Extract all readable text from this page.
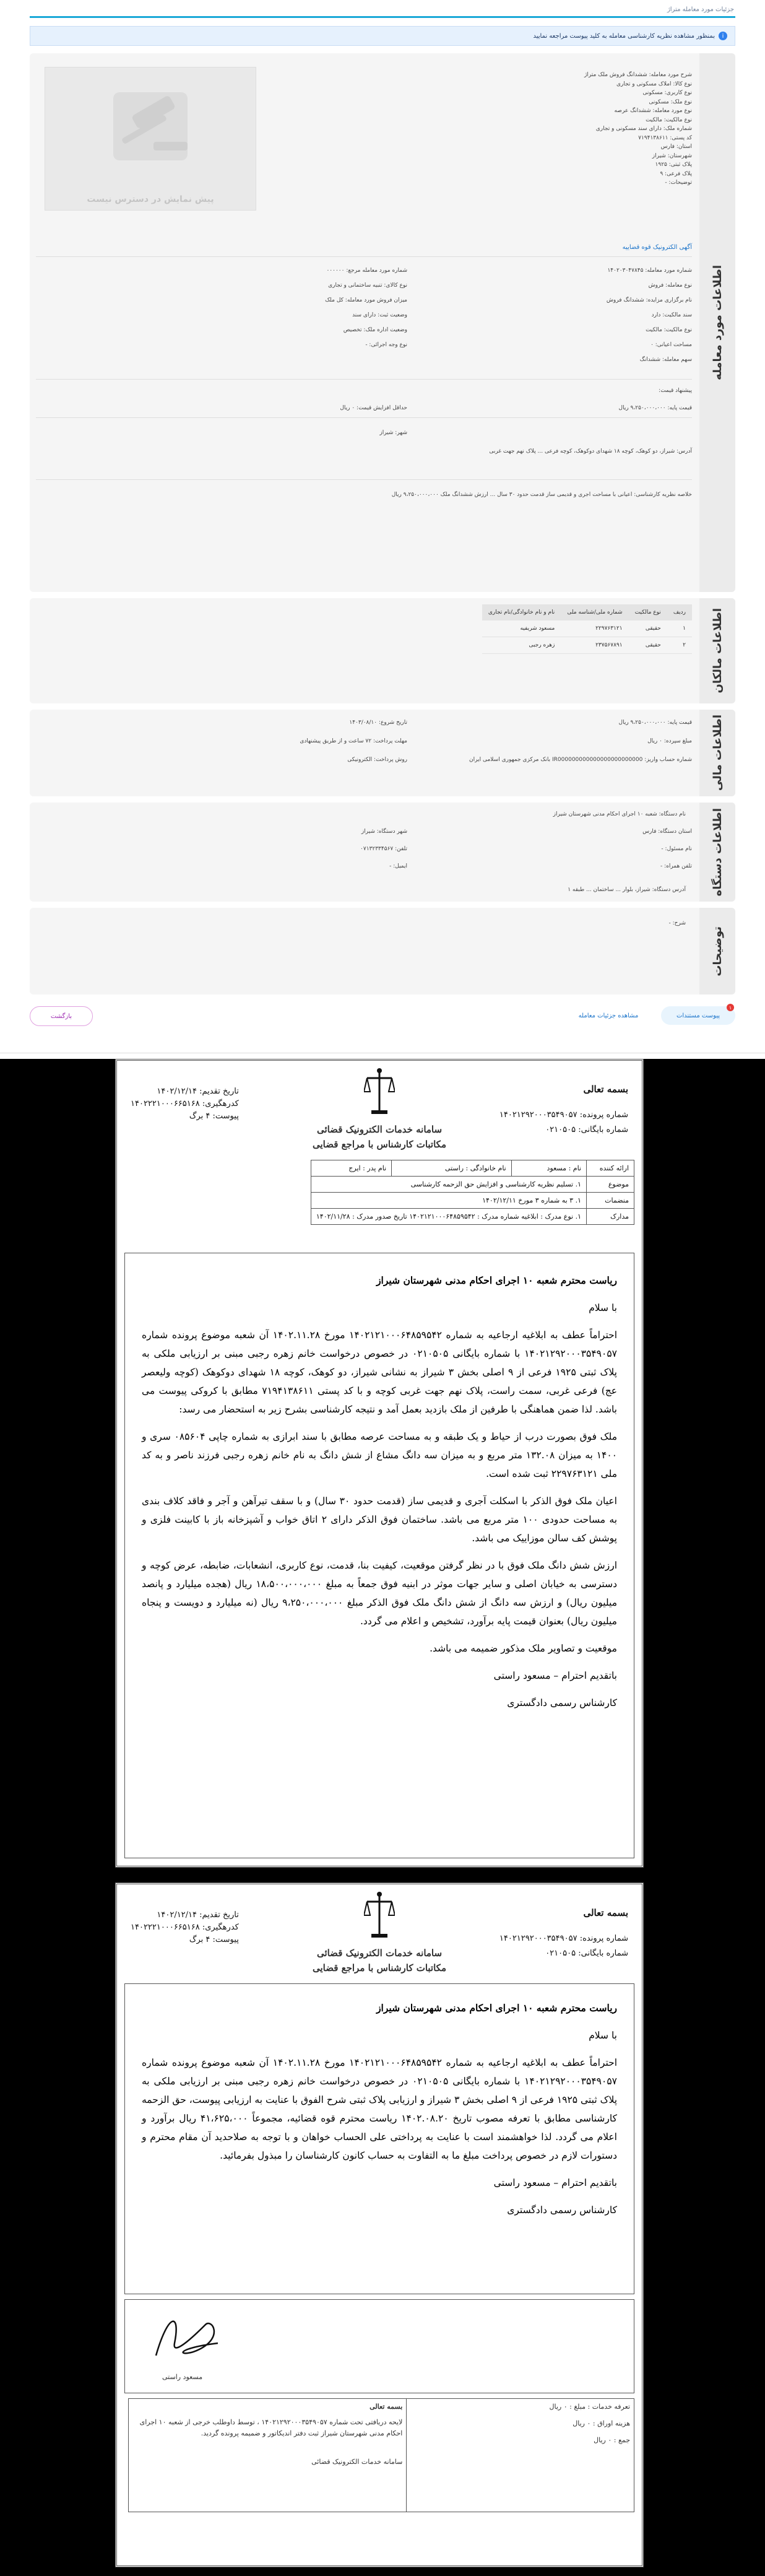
جزئیات مورد معامله متراژ
i
بمنظور مشاهده نظریه کارشناسی معامله به کلید پیوست مراجعه نمایید
اطلاعات مورد معامله
پیش نمایش در دسترس نیست
شرح مورد معامله: ششدانگ فروش ملک متراژ
نوع کالا: املاک مسکونی و تجاری
نوع کاربری: مسکونی
نوع ملک: مسکونی
نوع مورد معامله: ششدانگ عرصه
نوع مالکیت: مالکیت
شماره ملک: دارای سند مسکونی و تجاری
کد پستی: ۷۱۹۴۱۳۸۶۱۱
استان: فارس
شهرستان: شیراز
پلاک ثبتی: ۱۹۲۵
پلاک فرعی: ۹
توضیحات: -
آگهی الکترونیک قوه قضاییه
شماره مورد معامله: ۱۴۰۲۰۳۰۴۷۸۴۵
شماره مورد معامله مرجع: ۰۰۰۰۰۰
نوع معامله: فروش
نوع کالای: تنبیه ساختمانی و تجاری
نام برگزاری مزایده: ششدانگ فروش
میزان فروش مورد معامله: کل ملک
سند مالکیت: دارد
وضعیت ثبت: دارای سند
نوع مالکیت: مالکیت
وضعیت اداره ملک: تخصیص
مساحت اعیانی: ۰
نوع وجه اجرائی: -
سهم معامله: ششدانگ
پیشنهاد قیمت:
قیمت پایه: ۹،۲۵۰،۰۰۰،۰۰۰ ریال
حداقل افزایش قیمت: ۰ ریال
شهر: شیراز
آدرس: شیراز، دو کوهک، کوچه ۱۸ شهدای دوکوهک، کوچه فرعی ... پلاک نهم جهت غربی
خلاصه نظریه کارشناسی: اعیانی با مساحت اجری و قدیمی ساز قدمت حدود ۳۰ سال ... ارزش ششدانگ ملک ۹،۲۵۰،۰۰۰،۰۰۰ ریال
اطلاعات مالکان
ردیف	نوع مالکیت	شماره ملی/شناسه ملی	نام و نام خانوادگی/نام تجاری
۱	حقیقی	۲۲۹۷۶۳۱۲۱	مسعود شریفیه
۲	حقیقی	۲۳۷۵۶۷۸۹۱	زهره رجبی
اطلاعات مالی
قیمت پایه: ۹،۲۵۰،۰۰۰،۰۰۰ ریال
تاریخ شروع: ۱۴۰۳/۰۸/۱۰
مبلغ سپرده: ۰ ریال
مهلت پرداخت: ۷۲ ساعت و از طریق پیشنهادی
شماره حساب واریز: IR000000000000000000000000 بانک مرکزی جمهوری اسلامی ایران
روش پرداخت: الکترونیکی
اطلاعات دستگاه
نام دستگاه: شعبه ۱۰ اجرای احکام مدنی شهرستان شیراز
استان دستگاه: فارس
شهر دستگاه: شیراز
نام مسئول: -
تلفن: ۰۷۱۳۲۳۳۴۵۶۷
تلفن همراه: -
ایمیل: -
آدرس دستگاه: شیراز، بلوار ... ساختمان ... طبقه ۱
توضیحات
شرح: -
پیوست مستندات
۱
مشاهده جزئیات معامله
بازگشت
بسمه تعالی
شماره پرونده: ۱۴۰۲۱۲۹۲۰۰۰۳۵۴۹۰۵۷
شماره بایگانی: ۰۲۱۰۵۰۵
سامانه خدمات الکترونیک قضائی
مکاتبات کارشناس با مراجع قضایی
تاریخ تقدیم: ۱۴۰۲/۱۲/۱۴
کدرهگیری: ۱۴۰۲۲۲۱۰۰۰۶۶۵۱۶۸
پیوست: ۴ برگ
ارائه کننده	نام : مسعود	نام خانوادگی : راستی	نام پدر : ایرج
موضوع	۱. تسلیم نظریه کارشناسی و افزایش حق الزحمه کارشناسی		
منضمات	۱. ۳ به شماره ۳ مورخ ۱۴۰۲/۱۲/۱۱		
مدارک	۱. نوع مدرک : ابلاغیه شماره مدرک : ۱۴۰۲۱۲۱۰۰۰۶۴۸۵۹۵۴۲ تاریخ صدور مدرک : ۱۴۰۲/۱۱/۲۸		

ریاست محترم شعبه ۱۰ اجرای احکام مدنی شهرستان شیراز

با سلام

احتراماً عطف به ابلاغیه ارجاعیه به شماره ۱۴۰۲۱۲۱۰۰۰۶۴۸۵۹۵۴۲ مورخ ۱۴۰۲.۱۱.۲۸ آن شعبه موضوع پرونده شماره ۱۴۰۲۱۲۹۲۰۰۰۳۵۴۹۰۵۷ با شماره بایگانی ۰۲۱۰۵۰۵ در خصوص درخواست خانم زهره رجبی مبنی بر ارزیابی ملکی به پلاک ثبتی ۱۹۲۵ فرعی از ۹ اصلی بخش ۳ شیراز به نشانی شیراز، دو کوهک، کوچه ۱۸ شهدای دوکوهک (کوچه ولیعصر عج) فرعی غربی، سمت راست، پلاک نهم جهت غربی کوچه و با کد پستی ۷۱۹۴۱۳۸۶۱۱ مطابق با کروکی پیوست می باشد. لذا ضمن هماهنگی با طرفین از ملک بازدید بعمل آمد و نتیجه کارشناسی بشرح زیر به استحضار می رسد:

ملک فوق بصورت درب از حیاط و یک طبقه و به مساحت عرصه مطابق با سند ابرازی به شماره چاپی ۰۸۵۶۰۴ سری و ۱۴۰۰ به میزان ۱۳۲.۰۸ متر مربع و به میزان سه دانگ مشاع از شش دانگ به نام خانم زهره رجبی فرزند ناصر و به کد ملی ۲۲۹۷۶۳۱۲۱ ثبت شده است.

اعیان ملک فوق الذکر با اسکلت آجری و قدیمی ساز (قدمت حدود ۳۰ سال) و با سقف تیرآهن و آجر و فاقد کلاف بندی به مساحت حدودی ۱۰۰ متر مربع می باشد. ساختمان فوق الذکر دارای ۲ اتاق خواب و آشپزخانه باز با کابینت فلزی و پوشش کف سالن موزاییک می باشد.

ارزش شش دانگ ملک فوق با در نظر گرفتن موقعیت، کیفیت بنا، قدمت، نوع کاربری، انشعابات، ضابطه، عرض کوچه و دسترسی به خیابان اصلی و سایر جهات موثر در ابنیه فوق جمعاً به مبلغ ۱۸،۵۰۰،۰۰۰،۰۰۰ ریال (هجده میلیارد و پانصد میلیون ریال) و ارزش سه دانگ از شش دانگ ملک فوق الذکر مبلغ ۹،۲۵۰،۰۰۰،۰۰۰ ریال (نه میلیارد و دویست و پنجاه میلیون ریال) بعنوان قیمت پایه برآورد، تشخیص و اعلام می گردد.

موقعیت و تصاویر ملک مذکور ضمیمه می باشد.

باتقدیم احترام – مسعود راستی

کارشناس رسمی دادگستری

بسمه تعالی
شماره پرونده: ۱۴۰۲۱۲۹۲۰۰۰۳۵۴۹۰۵۷
شماره بایگانی: ۰۲۱۰۵۰۵
سامانه خدمات الکترونیک قضائی
مکاتبات کارشناس با مراجع قضایی
تاریخ تقدیم: ۱۴۰۲/۱۲/۱۴
کدرهگیری: ۱۴۰۲۲۲۱۰۰۰۶۶۵۱۶۸
پیوست: ۴ برگ

ریاست محترم شعبه ۱۰ اجرای احکام مدنی شهرستان شیراز

با سلام

احتراماً عطف به ابلاغیه ارجاعیه به شماره ۱۴۰۲۱۲۱۰۰۰۶۴۸۵۹۵۴۲ مورخ ۱۴۰۲.۱۱.۲۸ آن شعبه موضوع پرونده شماره ۱۴۰۲۱۲۹۲۰۰۰۳۵۴۹۰۵۷ با شماره بایگانی ۰۲۱۰۵۰۵ در خصوص درخواست خانم زهره رجبی مبنی بر ارزیابی ملکی به پلاک ثبتی ۱۹۲۵ فرعی از ۹ اصلی بخش ۳ شیراز و ارزیابی پلاک ثبتی شرح الفوق با عنایت به ارزیابی پیوست، حق الزحمه کارشناسی مطابق با تعرفه مصوب تاریخ ۱۴۰۲.۰۸.۲۰ ریاست محترم قوه قضائیه، مجموعاً ۴۱،۶۲۵،۰۰۰ ریال برآورد و اعلام می گردد. لذا خواهشمند است با عنایت به پرداختی علی الحساب خواهان و با توجه به صلاحدید آن مقام محترم و دستورات لازم در خصوص پرداخت مبلغ ما به التفاوت به حساب کانون کارشناسان را مبذول بفرمائید.

باتقدیم احترام – مسعود راستی

کارشناس رسمی دادگستری

مسعود راستی
تعرفه خدمات : مبلغ : ۰ ریال
هزینه اوراق : ۰ ریال
جمع : ۰ ریال

بسمه تعالی
لایحه دریافتی تحت شماره ۱۴۰۲۱۲۹۲۰۰۰۳۵۴۹۰۵۷ ، توسط داوطلب خرجی از شعبه ۱۰ اجرای احکام مدنی شهرستان شیراز ثبت دفتر اندیکاتور و ضمیمه پرونده گردید.
سامانه خدمات الکترونیک قضائی
